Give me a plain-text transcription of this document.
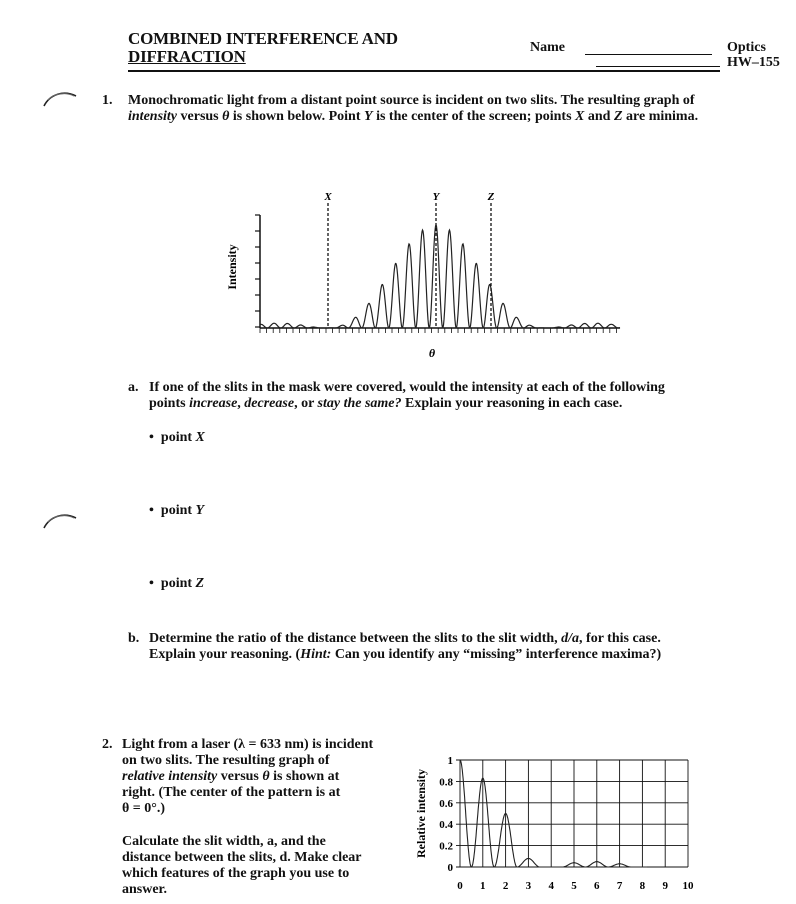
COMBINED INTERFERENCE AND
DIFFRACTION	Name	Optics
HW–155
1. Monochromatic light from a distant point source is incident on two slits. The resulting graph of
intensity versus θ is shown below. Point Y is the center of the screen; points X and Z are minima.
X	Y	Z
θ
Intensity
a. If one of the slits in the mask were covered, would the intensity at each of the following
points increase, decrease, or stay the same? Explain your reasoning in each case.
•  point X
•  point Y
•  point Z
b. Determine the ratio of the distance between the slits to the slit width, d/a, for this case.
Explain your reasoning. (Hint: Can you identify any “missing” interference maxima?)
2. Light from a laser (λ = 633 nm) is incident
on two slits. The resulting graph of
relative intensity versus θ is shown at
right. (The center of the pattern is at
θ = 0°.)
Calculate the slit width, a, and the
distance between the slits, d. Make clear
which features of the graph you use to
answer.	0 1 2 3 4 5 6 7 8 9 10
0
0.2
0.4
0.6
0.8
1
Relative intensity
